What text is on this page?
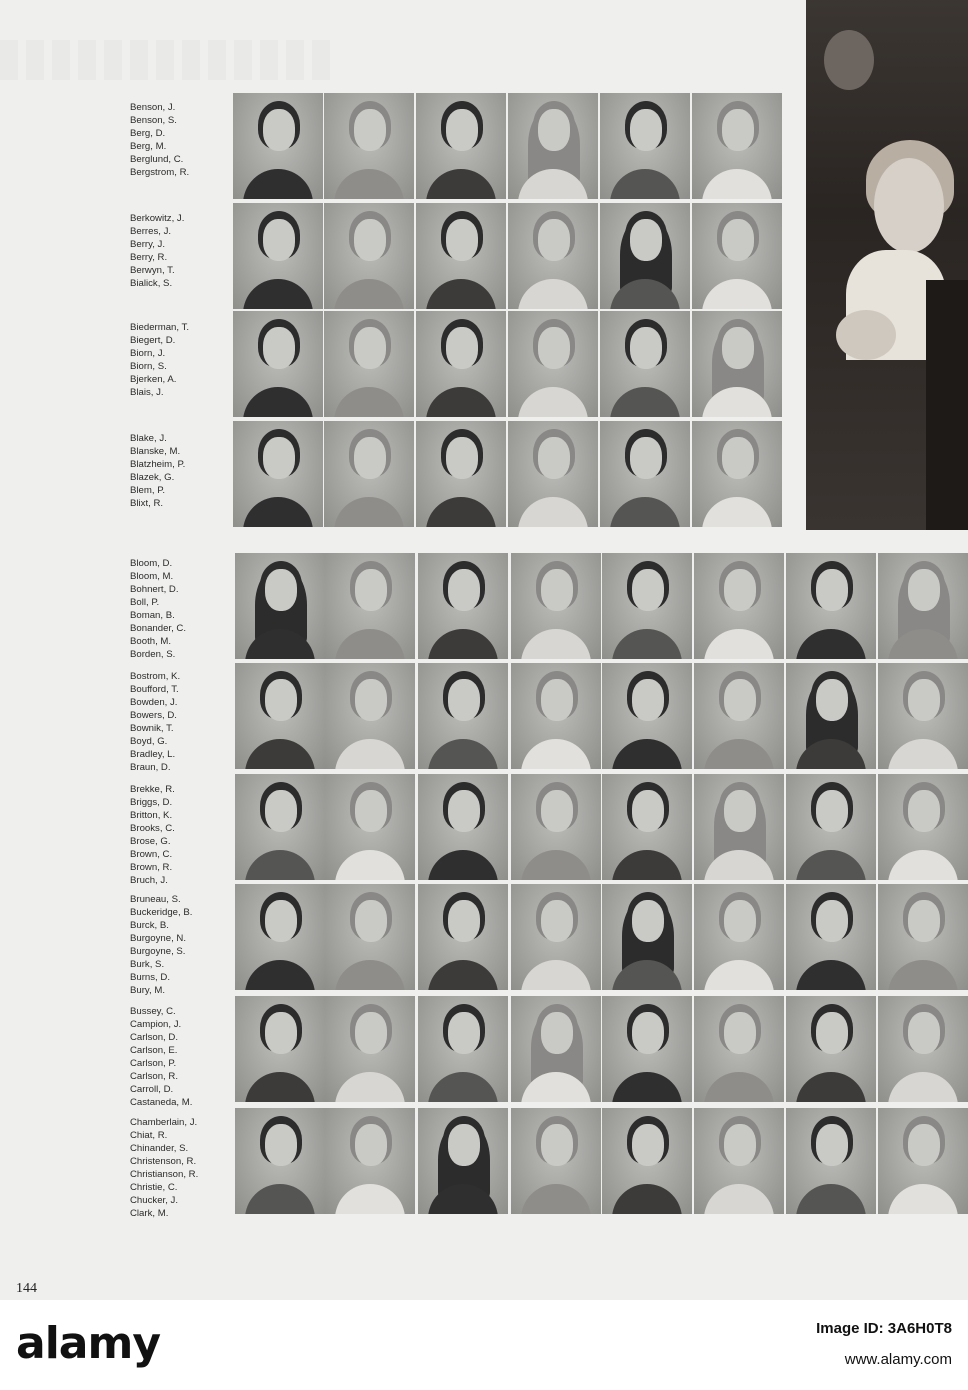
Benson, J.
Benson, S.
Berg, D.
Berg, M.
Berglund, C.
Bergstrom, R.
Berkowitz, J.
Berres, J.
Berry, J.
Berry, R.
Berwyn, T.
Bialick, S.
Biederman, T.
Biegert, D.
Biorn, J.
Biorn, S.
Bjerken, A.
Blais, J.
Blake, J.
Blanske, M.
Blatzheim, P.
Blazek, G.
Blem, P.
Blixt, R.
Bloom, D.
Bloom, M.
Bohnert, D.
Boll, P.
Boman, B.
Bonander, C.
Booth, M.
Borden, S.
Bostrom, K.
Boufford, T.
Bowden, J.
Bowers, D.
Bownik, T.
Boyd, G.
Bradley, L.
Braun, D.
Brekke, R.
Briggs, D.
Britton, K.
Brooks, C.
Brose, G.
Brown, C.
Brown, R.
Bruch, J.
Bruneau, S.
Buckeridge, B.
Burck, B.
Burgoyne, N.
Burgoyne, S.
Burk, S.
Burns, D.
Bury, M.
Bussey, C.
Campion, J.
Carlson, D.
Carlson, E.
Carlson, P.
Carlson, R.
Carroll, D.
Castaneda, M.
Chamberlain, J.
Chiat, R.
Chinander, S.
Christenson, R.
Christianson, R.
Christie, C.
Chucker, J.
Clark, M.
144
alamy	Image ID: 3A6H0T8
www.alamy.com
